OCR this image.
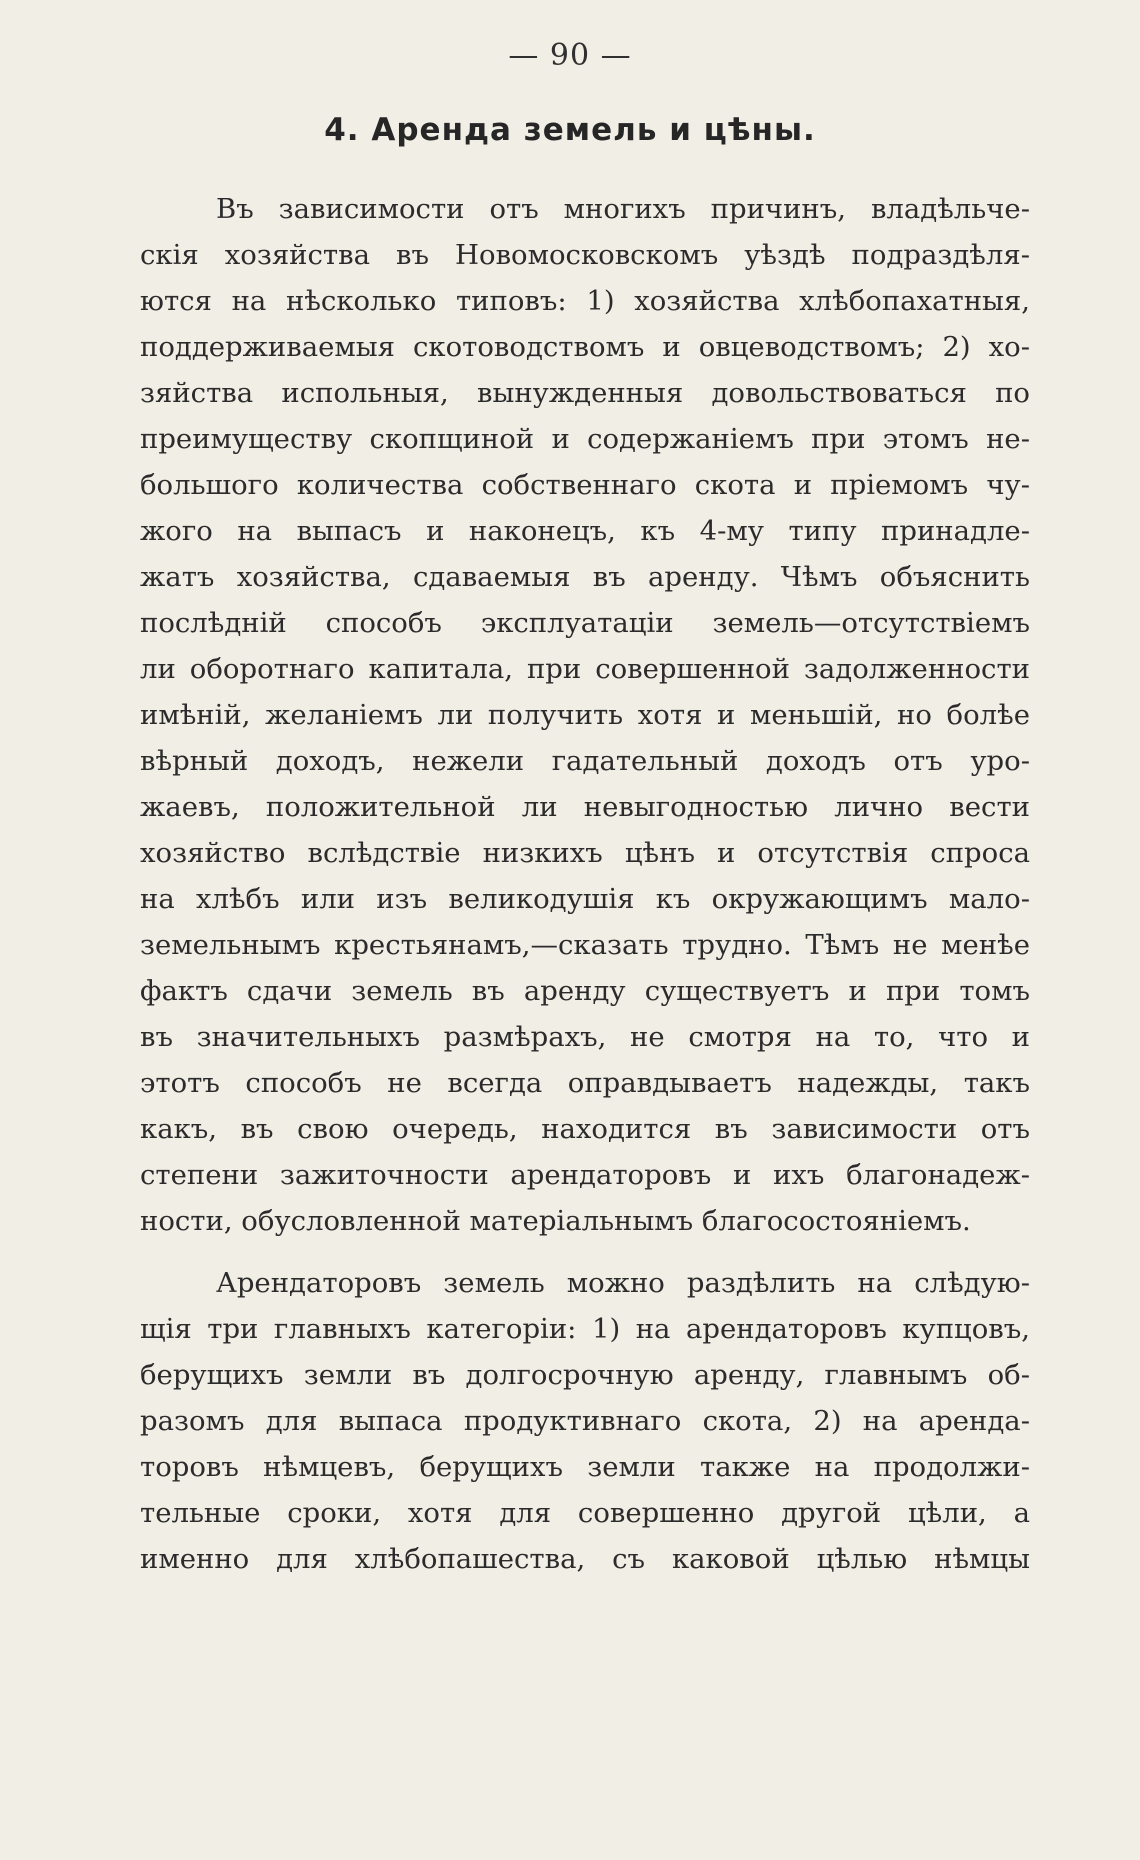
— 90 —
4. Аренда земель и цѣны.
Въ зависимости отъ многихъ причинъ, владѣльче-
скія хозяйства въ Новомосковскомъ уѣздѣ подраздѣля-
ются на нѣсколько типовъ: 1) хозяйства хлѣбопахатныя,
поддерживаемыя скотоводствомъ и овцеводствомъ; 2) хо-
зяйства испольныя, вынужденныя довольствоваться по
преимуществу скопщиной и содержаніемъ при этомъ не-
большого количества собственнаго скота и пріемомъ чу-
жого на выпасъ и наконецъ, къ 4-му типу принадле-
жатъ хозяйства, сдаваемыя въ аренду. Чѣмъ объяснить
послѣдній способъ эксплуатаціи земель—отсутствіемъ
ли оборотнаго капитала, при совершенной задолженности
имѣній, желаніемъ ли получить хотя и меньшій, но болѣе
вѣрный доходъ, нежели гадательный доходъ отъ уро-
жаевъ, положительной ли невыгодностью лично вести
хозяйство вслѣдствіе низкихъ цѣнъ и отсутствія спроса
на хлѣбъ или изъ великодушія къ окружающимъ мало-
земельнымъ крестьянамъ,—сказать трудно. Тѣмъ не менѣе
фактъ сдачи земель въ аренду существуетъ и при томъ
въ значительныхъ размѣрахъ, не смотря на то, что и
этотъ способъ не всегда оправдываетъ надежды, такъ
какъ, въ свою очередь, находится въ зависимости отъ
степени зажиточности арендаторовъ и ихъ благонадеж-
ности, обусловленной матеріальнымъ благосостояніемъ.
Арендаторовъ земель можно раздѣлить на слѣдую-
щія три главныхъ категоріи: 1) на арендаторовъ купцовъ,
берущихъ земли въ долгосрочную аренду, главнымъ об-
разомъ для выпаса продуктивнаго скота, 2) на аренда-
торовъ нѣмцевъ, берущихъ земли также на продолжи-
тельные сроки, хотя для совершенно другой цѣли, а
именно для хлѣбопашества, съ каковой цѣлью нѣмцы
